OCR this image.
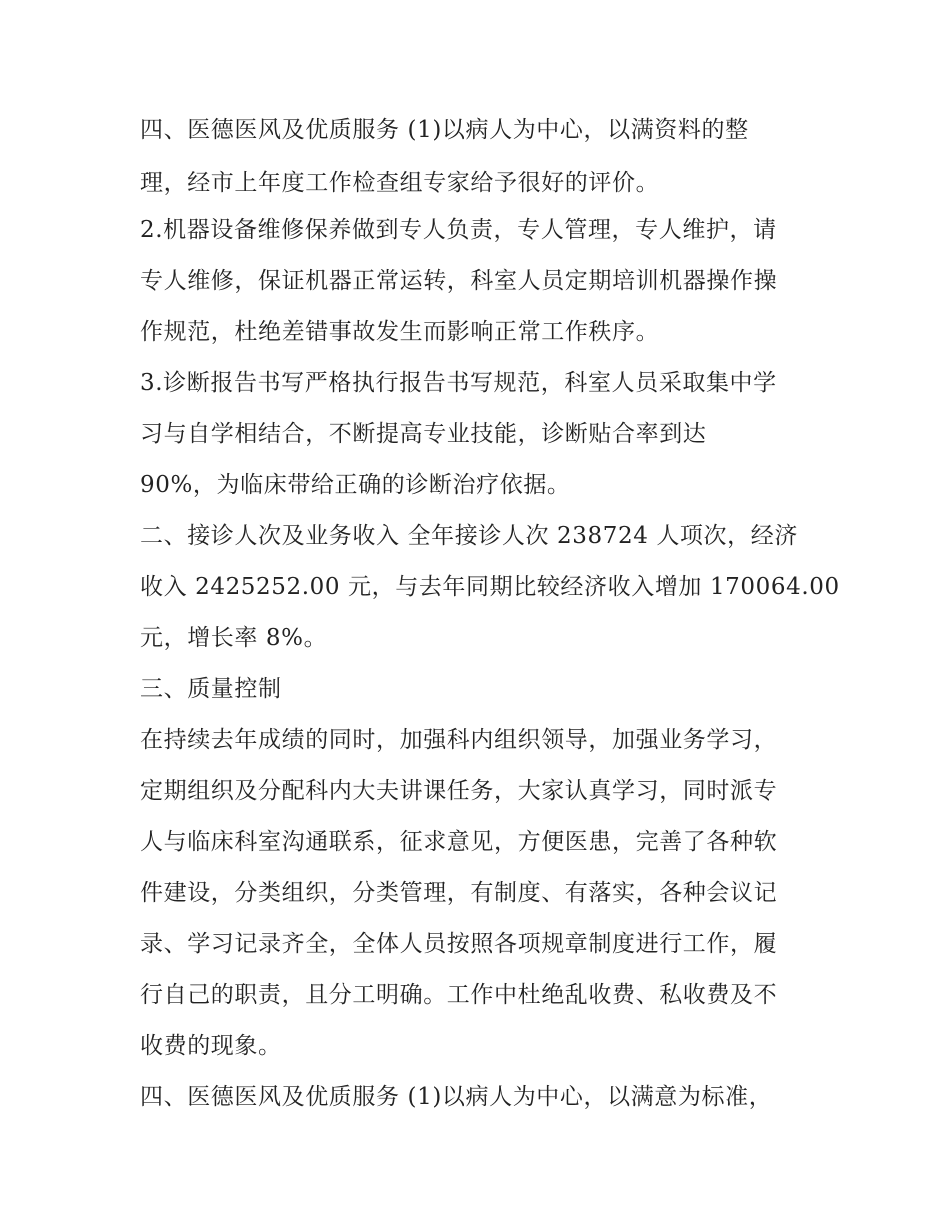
四、医德医风及优质服务 (1)以病人为中心，以满资料的整
理，经市上年度工作检查组专家给予很好的评价。
2.机器设备维修保养做到专人负责，专人管理，专人维护，请
专人维修，保证机器正常运转，科室人员定期培训机器操作操
作规范，杜绝差错事故发生而影响正常工作秩序。
3.诊断报告书写严格执行报告书写规范，科室人员采取集中学
习与自学相结合，不断提高专业技能，诊断贴合率到达
90%，为临床带给正确的诊断治疗依据。
二、接诊人次及业务收入 全年接诊人次 238724 人项次，经济
收入 2425252.00 元，与去年同期比较经济收入增加 170064.00
元，增长率 8%。
三、质量控制
在持续去年成绩的同时，加强科内组织领导，加强业务学习，
定期组织及分配科内大夫讲课任务，大家认真学习，同时派专
人与临床科室沟通联系，征求意见，方便医患，完善了各种软
件建设，分类组织，分类管理，有制度、有落实，各种会议记
录、学习记录齐全，全体人员按照各项规章制度进行工作，履
行自己的职责，且分工明确。工作中杜绝乱收费、私收费及不
收费的现象。
四、医德医风及优质服务 (1)以病人为中心，以满意为标准，
